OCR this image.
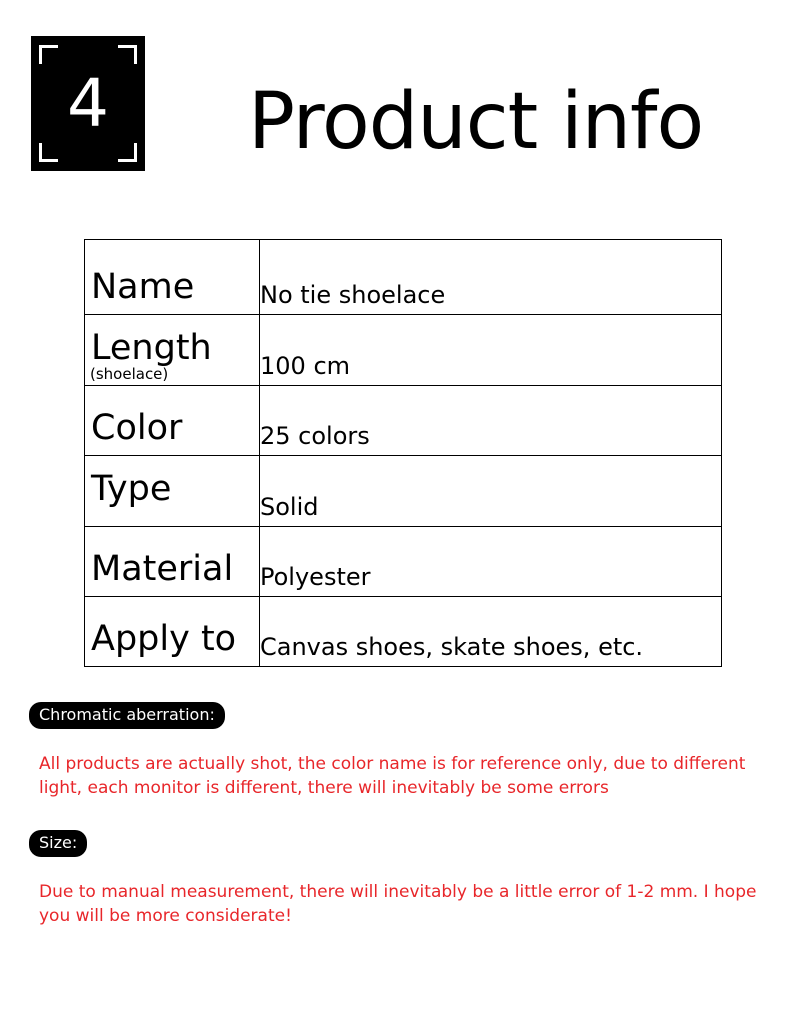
4	Product info
Name	No tie shoelace

Length
(shoelace)	100 cm

Color	25 colors

Type	Solid

Material	Polyester

Apply to	Canvas shoes, skate shoes, etc.
Chromatic aberration:
All products are actually shot, the color name is for reference only, due to different light, each monitor is different, there will inevitably be some errors
Size:
Due to manual measurement, there will inevitably be a little error of 1-2 mm. I hope you will be more considerate!
